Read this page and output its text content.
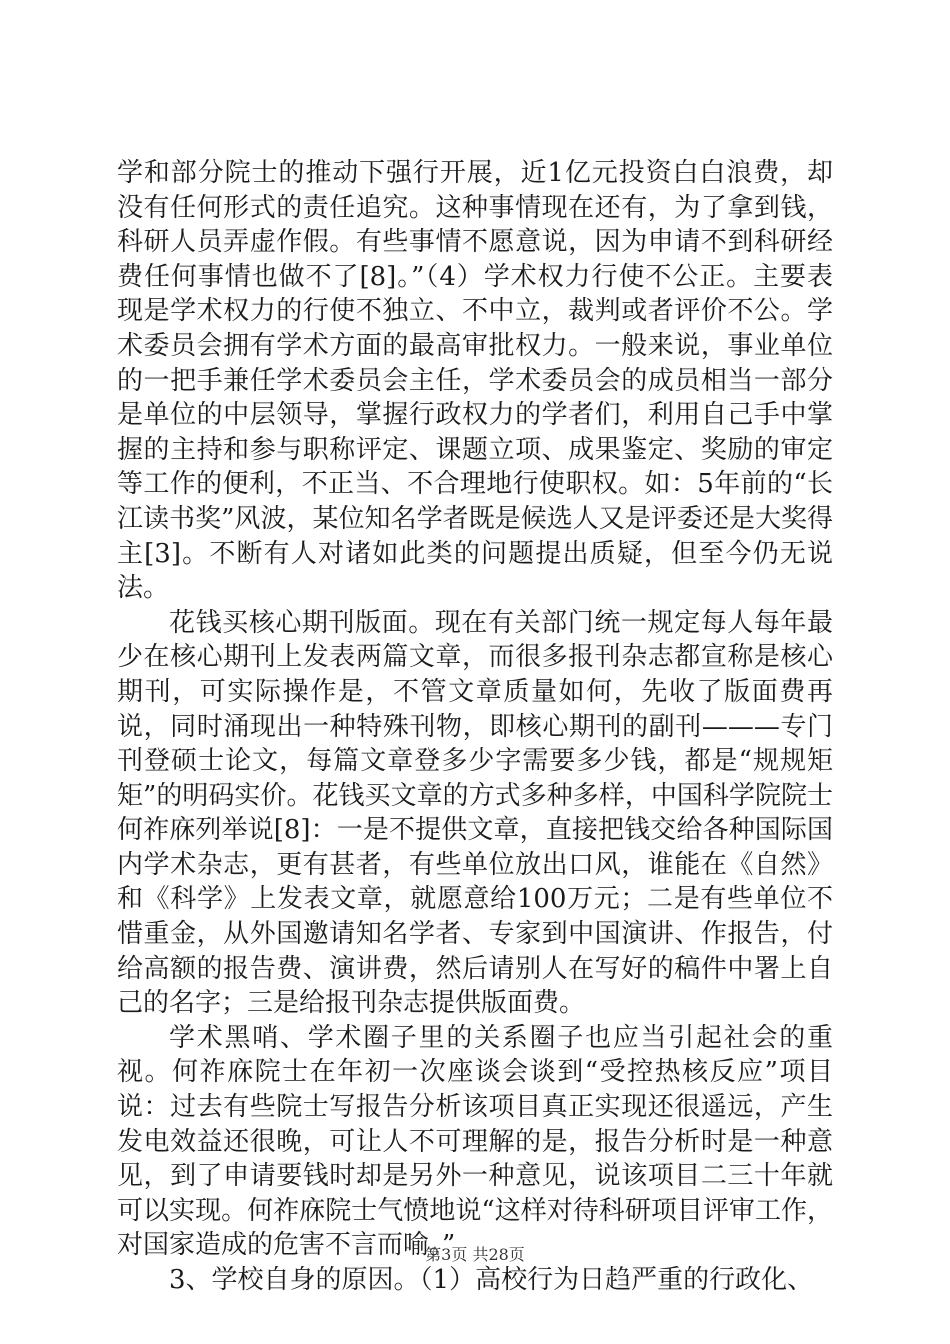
学和部分院士的推动下强行开展，近1亿元投资白白浪费，却没有任何形式的责任追究。这种事情现在还有，为了拿到钱，科研人员弄虚作假。有些事情不愿意说，因为申请不到科研经费任何事情也做不了[8]。”（4）学术权力行使不公正。主要表现是学术权力的行使不独立、不中立，裁判或者评价不公。学术委员会拥有学术方面的最高审批权力。一般来说，事业单位的一把手兼任学术委员会主任，学术委员会的成员相当一部分是单位的中层领导，掌握行政权力的学者们，利用自己手中掌握的主持和参与职称评定、课题立项、成果鉴定、奖励的审定等工作的便利，不正当、不合理地行使职权。如：5年前的“长江读书奖”风波，某位知名学者既是候选人又是评委还是大奖得主[3]。不断有人对诸如此类的问题提出质疑，但至今仍无说法。

花钱买核心期刊版面。现在有关部门统一规定每人每年最少在核心期刊上发表两篇文章，而很多报刊杂志都宣称是核心期刊，可实际操作是，不管文章质量如何，先收了版面费再说，同时涌现出一种特殊刊物，即核心期刊的副刊———专门刊登硕士论文，每篇文章登多少字需要多少钱，都是“规规矩矩”的明码实价。花钱买文章的方式多种多样，中国科学院院士何祚庥列举说[8]：一是不提供文章，直接把钱交给各种国际国内学术杂志，更有甚者，有些单位放出口风，谁能在《自然》和《科学》上发表文章，就愿意给100万元；二是有些单位不惜重金，从外国邀请知名学者、专家到中国演讲、作报告，付给高额的报告费、演讲费，然后请别人在写好的稿件中署上自己的名字；三是给报刊杂志提供版面费。

学术黑哨、学术圈子里的关系圈子也应当引起社会的重视。何祚庥院士在年初一次座谈会谈到“受控热核反应”项目说：过去有些院士写报告分析该项目真正实现还很遥远，产生发电效益还很晚，可让人不可理解的是，报告分析时是一种意见，到了申请要钱时却是另外一种意见，说该项目二三十年就可以实现。何祚庥院士气愤地说“这样对待科研项目评审工作，对国家造成的危害不言而喻。”

3、学校自身的原因。（1）高校行为日趋严重的行政化、

第3页 共28页
